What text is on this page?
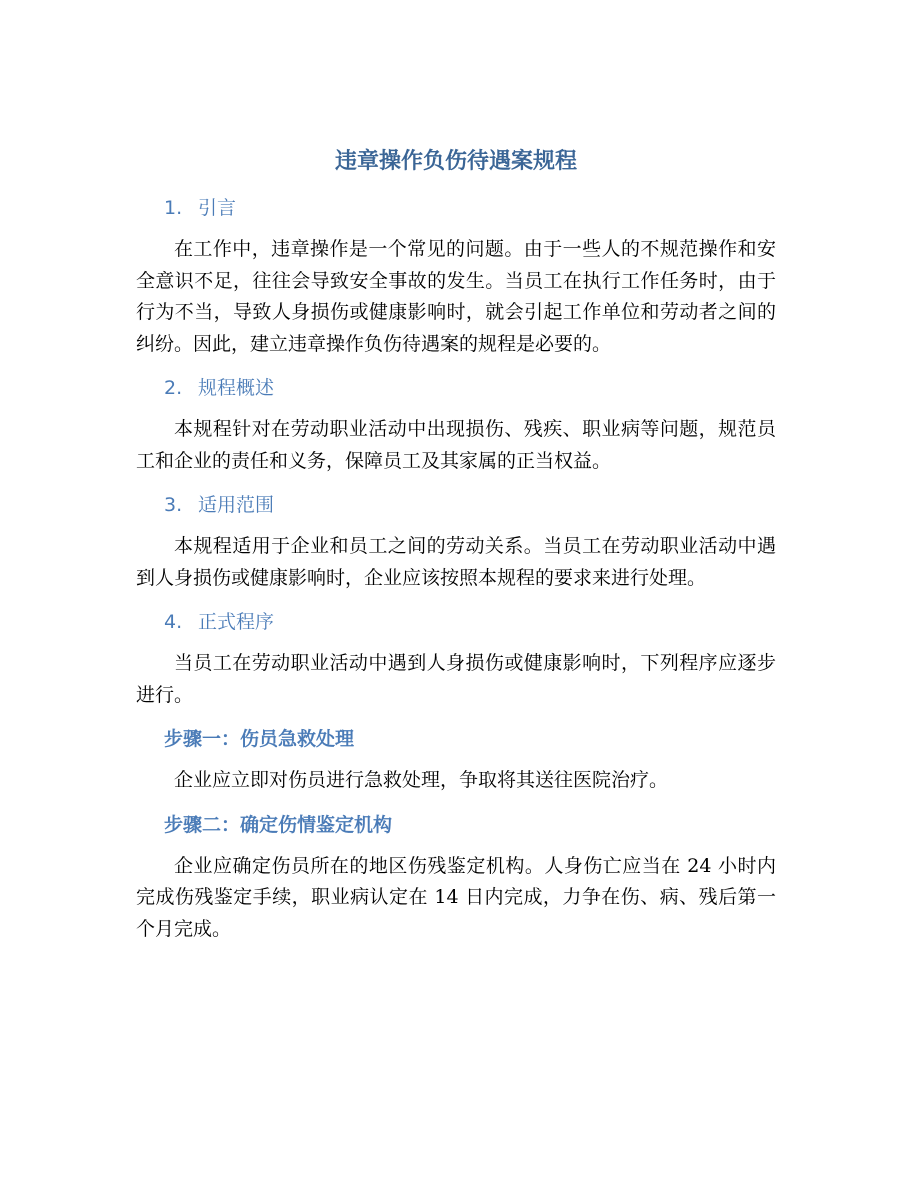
违章操作负伤待遇案规程
1. 引言

在工作中，违章操作是一个常见的问题。由于一些人的不规范操作和安全意识不足，往往会导致安全事故的发生。当员工在执行工作任务时，由于行为不当，导致人身损伤或健康影响时，就会引起工作单位和劳动者之间的纠纷。因此，建立违章操作负伤待遇案的规程是必要的。

2. 规程概述

本规程针对在劳动职业活动中出现损伤、残疾、职业病等问题，规范员工和企业的责任和义务，保障员工及其家属的正当权益。

3. 适用范围

本规程适用于企业和员工之间的劳动关系。当员工在劳动职业活动中遇到人身损伤或健康影响时，企业应该按照本规程的要求来进行处理。

4. 正式程序

当员工在劳动职业活动中遇到人身损伤或健康影响时，下列程序应逐步进行。

步骤一：伤员急救处理

企业应立即对伤员进行急救处理，争取将其送往医院治疗。

步骤二：确定伤情鉴定机构

企业应确定伤员所在的地区伤残鉴定机构。人身伤亡应当在 24 小时内完成伤残鉴定手续，职业病认定在 14 日内完成，力争在伤、病、残后第一个月完成。
